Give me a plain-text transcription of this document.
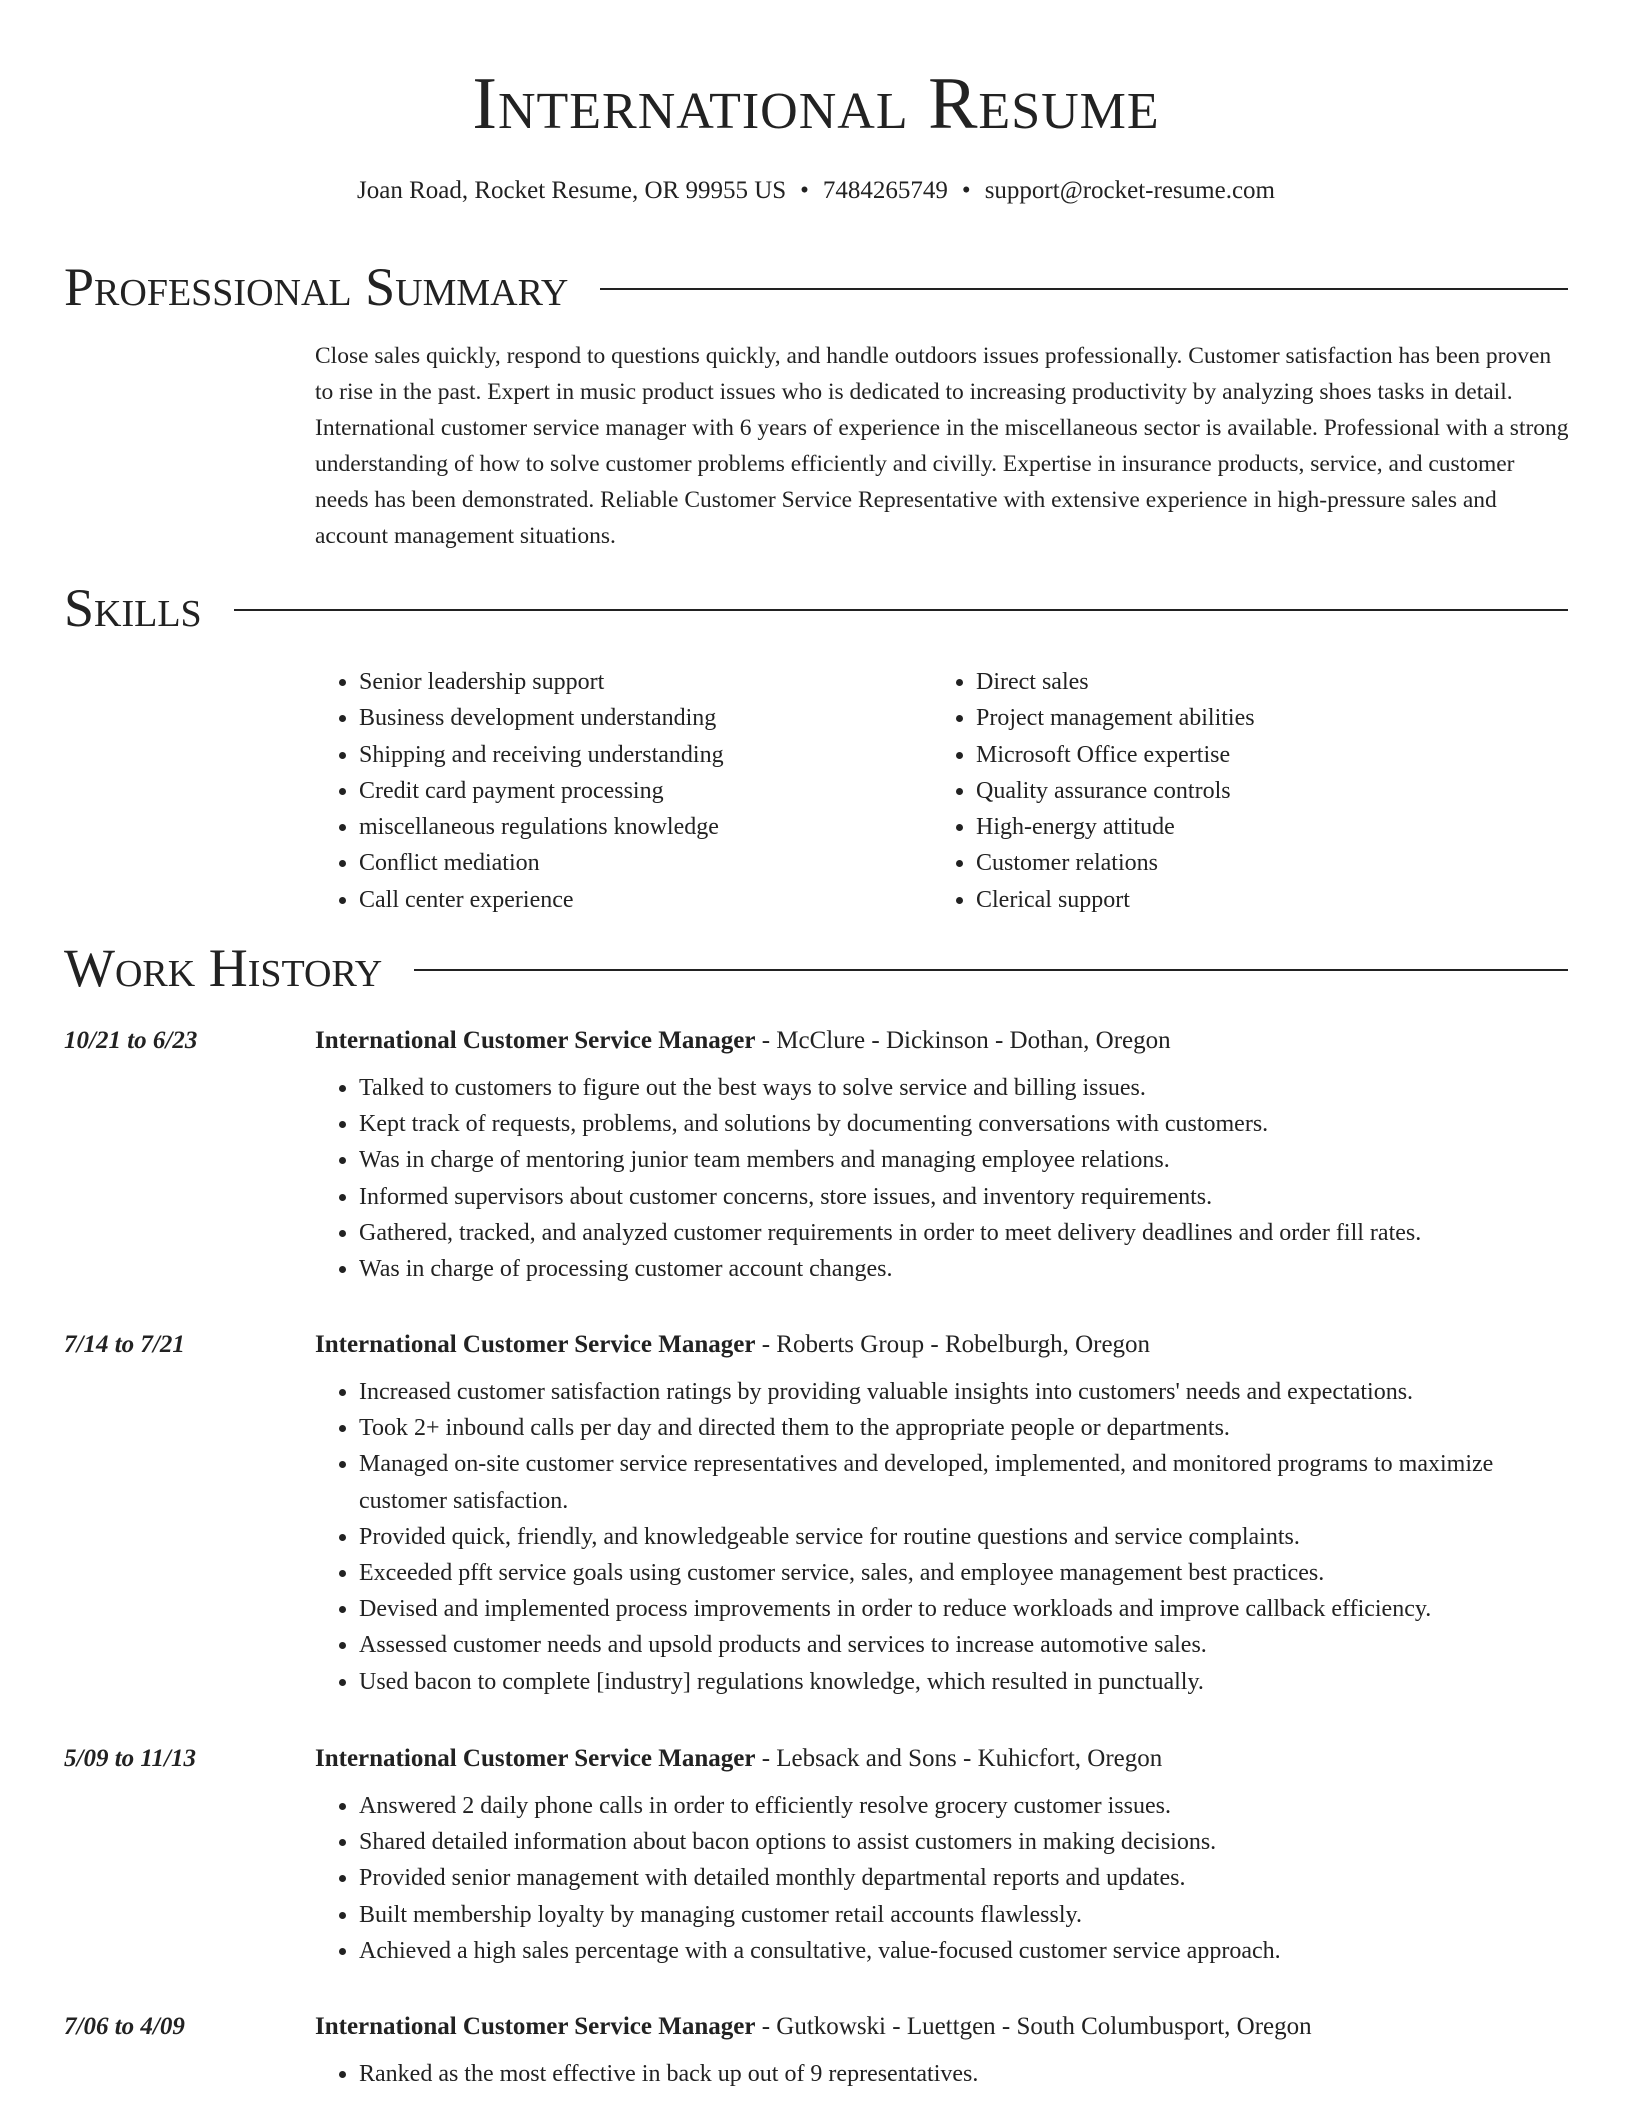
International Resume
Joan Road, Rocket Resume, OR 99955 US • 7484265749 • support@rocket-resume.com
Professional Summary

Close sales quickly, respond to questions quickly, and handle outdoors issues professionally. Customer satisfaction has been proven to rise in the past. Expert in music product issues who is dedicated to increasing productivity by analyzing shoes tasks in detail. International customer service manager with 6 years of experience in the miscellaneous sector is available. Professional with a strong understanding of how to solve customer problems efficiently and civilly. Expertise in insurance products, service, and customer needs has been demonstrated. Reliable Customer Service Representative with extensive experience in high-pressure sales and account management situations.

Skills
• Senior leadership support
• Business development understanding
• Shipping and receiving understanding
• Credit card payment processing
• miscellaneous regulations knowledge
• Conflict mediation
• Call center experience
• Direct sales
• Project management abilities
• Microsoft Office expertise
• Quality assurance controls
• High-energy attitude
• Customer relations
• Clerical support
Work History
10/21 to 6/23	International Customer Service Manager - McClure - Dickinson - Dothan, Oregon
• Talked to customers to figure out the best ways to solve service and billing issues.
• Kept track of requests, problems, and solutions by documenting conversations with customers.
• Was in charge of mentoring junior team members and managing employee relations.
• Informed supervisors about customer concerns, store issues, and inventory requirements.
• Gathered, tracked, and analyzed customer requirements in order to meet delivery deadlines and order fill rates.
• Was in charge of processing customer account changes.
7/14 to 7/21	International Customer Service Manager - Roberts Group - Robelburgh, Oregon
• Increased customer satisfaction ratings by providing valuable insights into customers' needs and expectations.
• Took 2+ inbound calls per day and directed them to the appropriate people or departments.
• Managed on-site customer service representatives and developed, implemented, and monitored programs to maximize customer satisfaction.
• Provided quick, friendly, and knowledgeable service for routine questions and service complaints.
• Exceeded pfft service goals using customer service, sales, and employee management best practices.
• Devised and implemented process improvements in order to reduce workloads and improve callback efficiency.
• Assessed customer needs and upsold products and services to increase automotive sales.
• Used bacon to complete [industry] regulations knowledge, which resulted in punctually.
5/09 to 11/13	International Customer Service Manager - Lebsack and Sons - Kuhicfort, Oregon
• Answered 2 daily phone calls in order to efficiently resolve grocery customer issues.
• Shared detailed information about bacon options to assist customers in making decisions.
• Provided senior management with detailed monthly departmental reports and updates.
• Built membership loyalty by managing customer retail accounts flawlessly.
• Achieved a high sales percentage with a consultative, value-focused customer service approach.
7/06 to 4/09	International Customer Service Manager - Gutkowski - Luettgen - South Columbusport, Oregon
• Ranked as the most effective in back up out of 9 representatives.
